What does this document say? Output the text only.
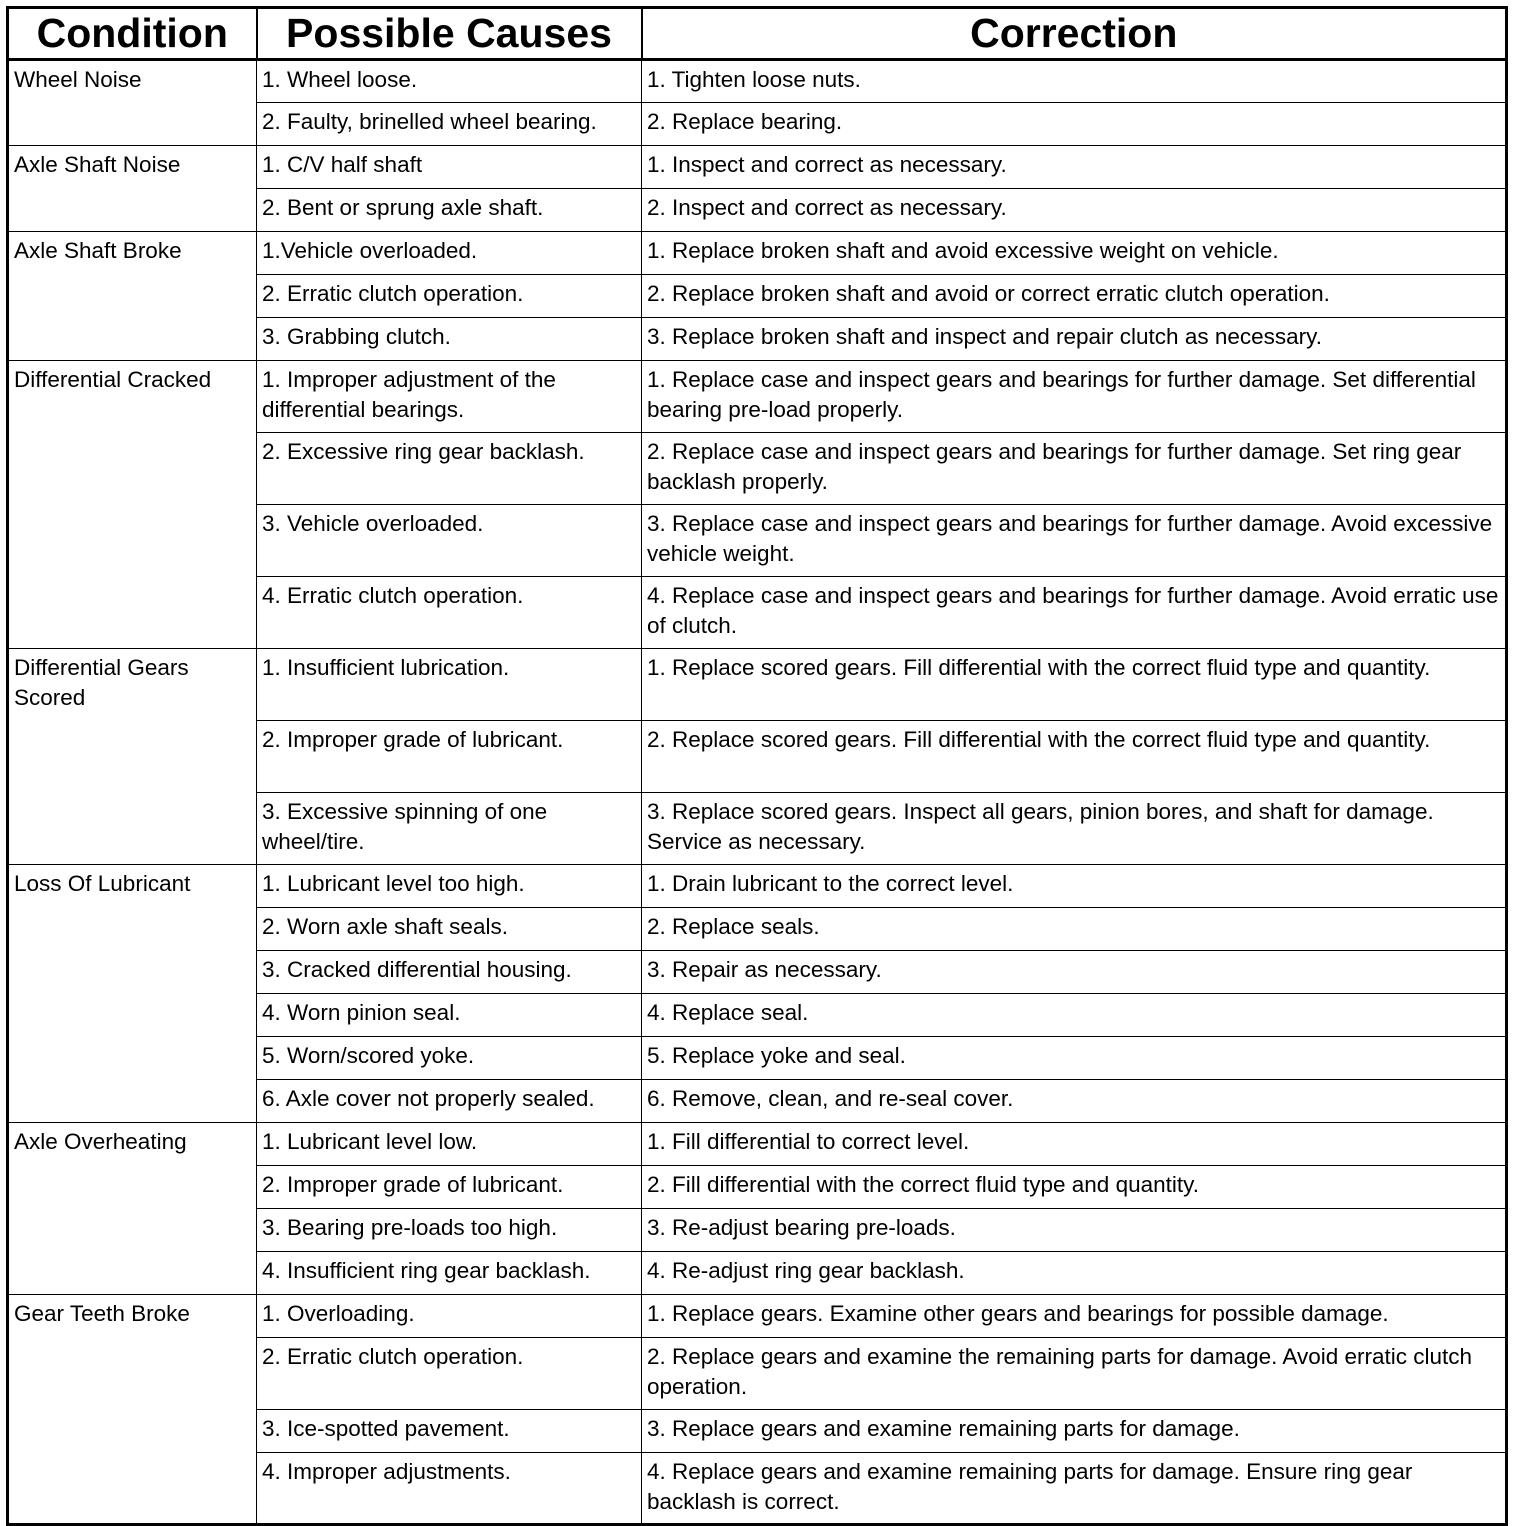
Condition	Possible Causes	Correction
Wheel Noise	1. Wheel loose.	1. Tighten loose nuts.
	2. Faulty, brinelled wheel bearing.	2. Replace bearing.
Axle Shaft Noise	1. C/V half shaft	1. Inspect and correct as necessary.
	2. Bent or sprung axle shaft.	2. Inspect and correct as necessary.
Axle Shaft Broke	1.Vehicle overloaded.	1. Replace broken shaft and avoid excessive weight on vehicle.
	2. Erratic clutch operation.	2. Replace broken shaft and avoid or correct erratic clutch operation.
	3. Grabbing clutch.	3. Replace broken shaft and inspect and repair clutch as necessary.
Differential Cracked	1. Improper adjustment of the differential bearings.	1. Replace case and inspect gears and bearings for further damage. Set differential bearing pre-load properly.
	2. Excessive ring gear backlash.	2. Replace case and inspect gears and bearings for further damage. Set ring gear backlash properly.
	3. Vehicle overloaded.	3. Replace case and inspect gears and bearings for further damage. Avoid excessive vehicle weight.
	4. Erratic clutch operation.	4. Replace case and inspect gears and bearings for further damage. Avoid erratic use of clutch.
Differential Gears Scored	1. Insufficient lubrication.	1. Replace scored gears. Fill differential with the correct fluid type and quantity.
	2. Improper grade of lubricant.	2. Replace scored gears. Fill differential with the correct fluid type and quantity.
	3. Excessive spinning of one wheel/tire.	3. Replace scored gears. Inspect all gears, pinion bores, and shaft for damage. Service as necessary.
Loss Of Lubricant	1. Lubricant level too high.	1. Drain lubricant to the correct level.
	2. Worn axle shaft seals.	2. Replace seals.
	3. Cracked differential housing.	3. Repair as necessary.
	4. Worn pinion seal.	4. Replace seal.
	5. Worn/scored yoke.	5. Replace yoke and seal.
	6. Axle cover not properly sealed.	6. Remove, clean, and re-seal cover.
Axle Overheating	1. Lubricant level low.	1. Fill differential to correct level.
	2. Improper grade of lubricant.	2. Fill differential with the correct fluid type and quantity.
	3. Bearing pre-loads too high.	3. Re-adjust bearing pre-loads.
	4. Insufficient ring gear backlash.	4. Re-adjust ring gear backlash.
Gear Teeth Broke	1. Overloading.	1. Replace gears. Examine other gears and bearings for possible damage.
	2. Erratic clutch operation.	2. Replace gears and examine the remaining parts for damage. Avoid erratic clutch operation.
	3. Ice-spotted pavement.	3. Replace gears and examine remaining parts for damage.
	4. Improper adjustments.	4. Replace gears and examine remaining parts for damage. Ensure ring gear backlash is correct.
